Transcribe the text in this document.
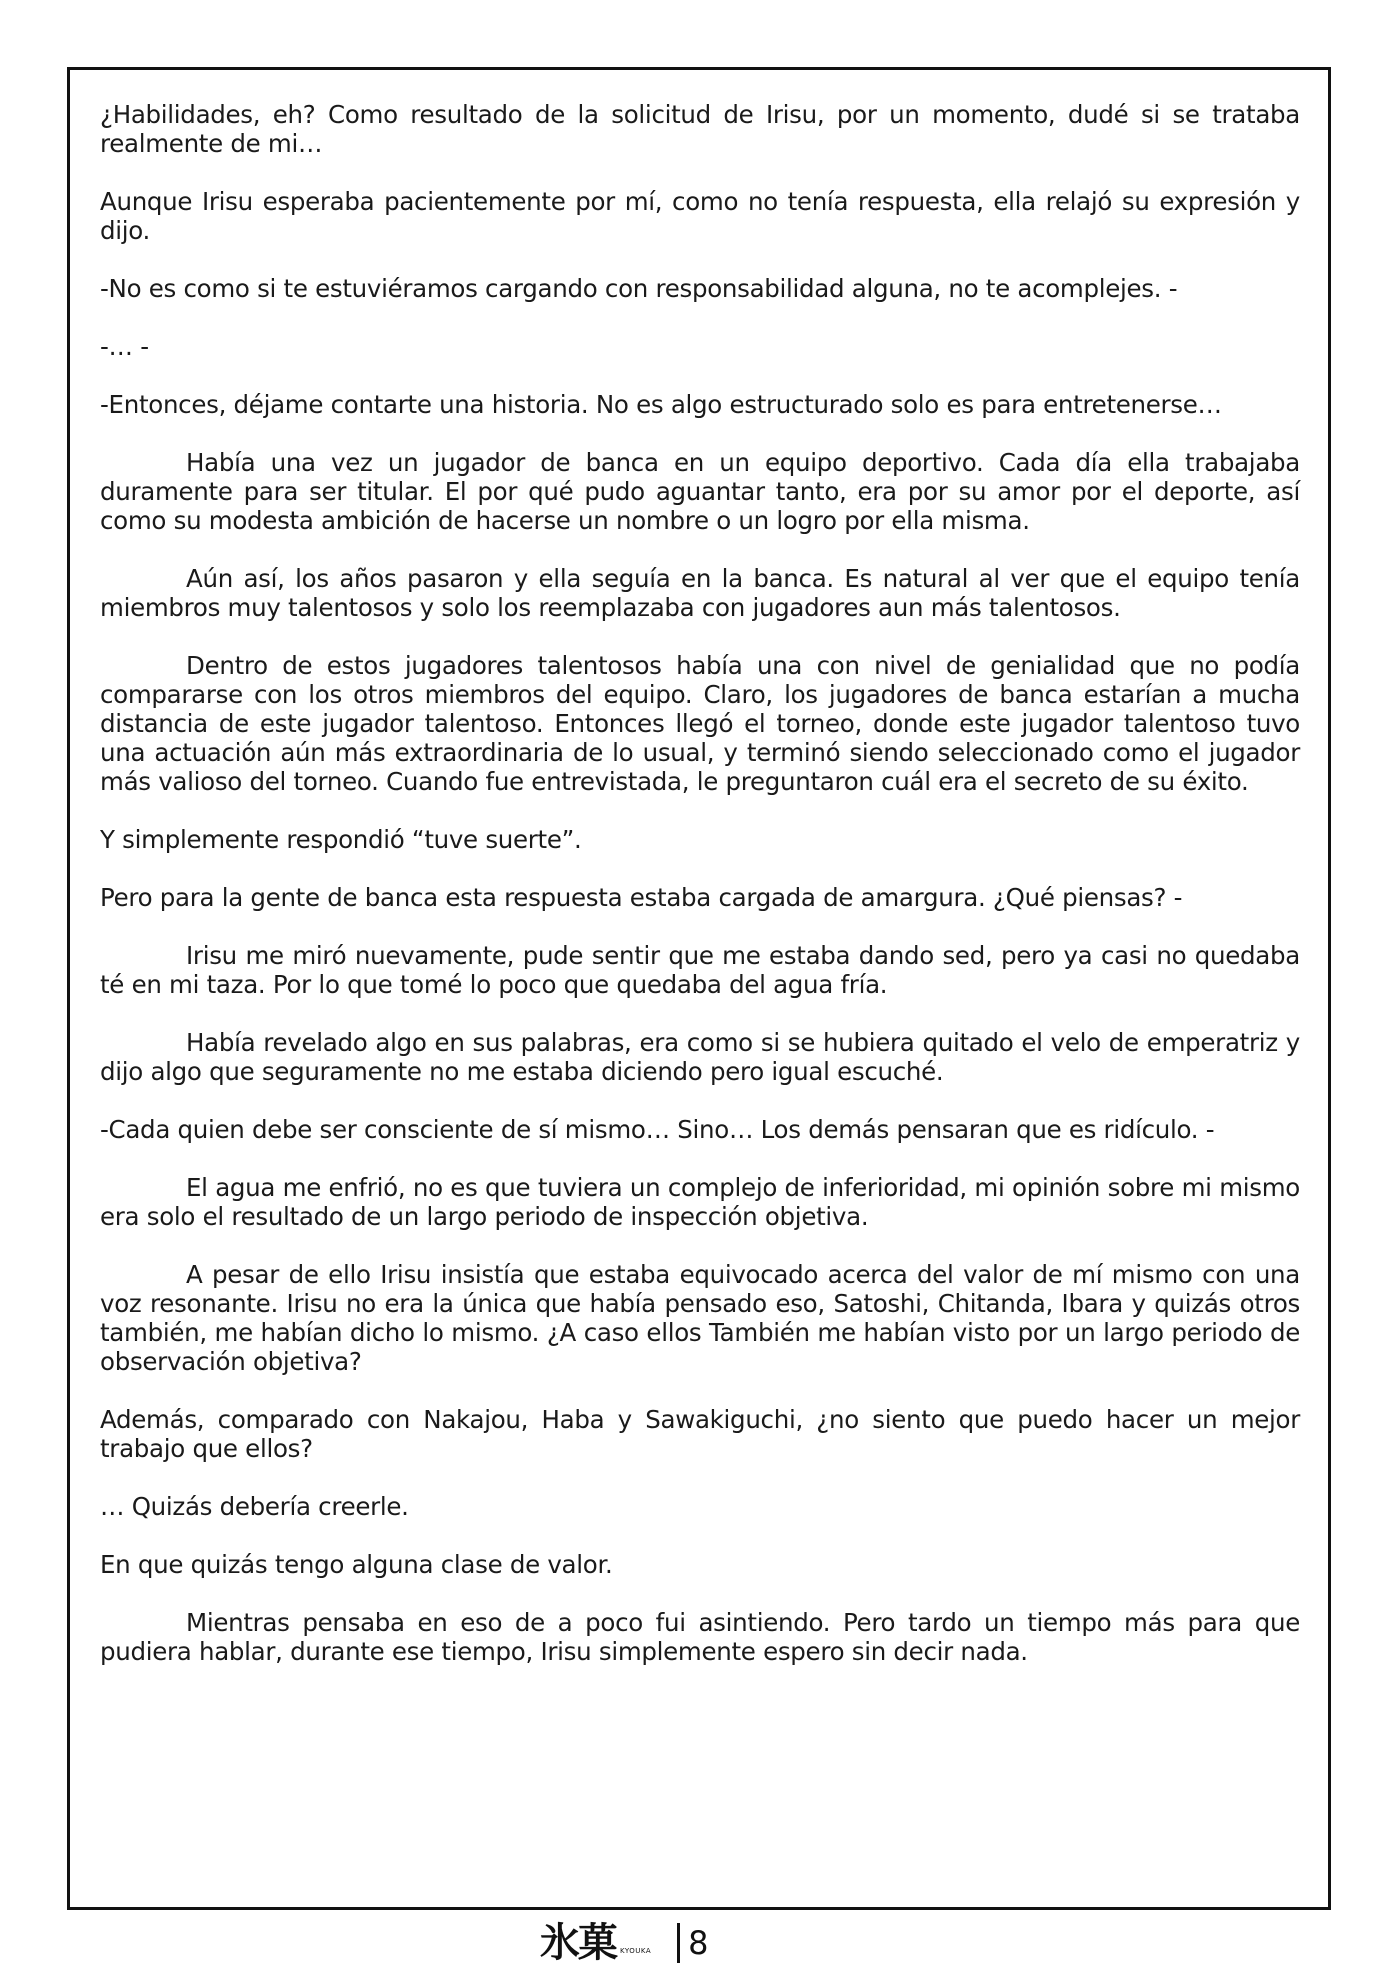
¿Habilidades, eh? Como resultado de la solicitud de Irisu, por un momento, dudé si se trataba realmente de mi…

Aunque Irisu esperaba pacientemente por mí, como no tenía respuesta, ella relajó su expresión y dijo.

-No es como si te estuviéramos cargando con responsabilidad alguna, no te acomplejes. -

-… -

-Entonces, déjame contarte una historia. No es algo estructurado solo es para entretenerse…

Había una vez un jugador de banca en un equipo deportivo. Cada día ella trabajaba duramente para ser titular. El por qué pudo aguantar tanto, era por su amor por el deporte, así como su modesta ambición de hacerse un nombre o un logro por ella misma.

Aún así, los años pasaron y ella seguía en la banca. Es natural al ver que el equipo tenía miembros muy talentosos y solo los reemplazaba con jugadores aun más talentosos.

Dentro de estos jugadores talentosos había una con nivel de genialidad que no podía compararse con los otros miembros del equipo. Claro, los jugadores de banca estarían a mucha distancia de este jugador talentoso. Entonces llegó el torneo, donde este jugador talentoso tuvo una actuación aún más extraordinaria de lo usual, y terminó siendo seleccionado como el jugador más valioso del torneo. Cuando fue entrevistada, le preguntaron cuál era el secreto de su éxito.

Y simplemente respondió “tuve suerte”.

Pero para la gente de banca esta respuesta estaba cargada de amargura. ¿Qué piensas? -

Irisu me miró nuevamente, pude sentir que me estaba dando sed, pero ya casi no quedaba té en mi taza. Por lo que tomé lo poco que quedaba del agua fría.

Había revelado algo en sus palabras, era como si se hubiera quitado el velo de emperatriz y dijo algo que seguramente no me estaba diciendo pero igual escuché.

-Cada quien debe ser consciente de sí mismo… Sino… Los demás pensaran que es ridículo. -

El agua me enfrió, no es que tuviera un complejo de inferioridad, mi opinión sobre mi mismo era solo el resultado de un largo periodo de inspección objetiva.

A pesar de ello Irisu insistía que estaba equivocado acerca del valor de mí mismo con una voz resonante. Irisu no era la única que había pensado eso, Satoshi, Chitanda, Ibara y quizás otros también, me habían dicho lo mismo. ¿A caso ellos También me habían visto por un largo periodo de observación objetiva?

Además, comparado con Nakajou, Haba y Sawakiguchi, ¿no siento que puedo hacer un mejor trabajo que ellos?

… Quizás debería creerle.

En que quizás tengo alguna clase de valor.

Mientras pensaba en eso de a poco fui asintiendo. Pero tardo un tiempo más para que pudiera hablar, durante ese tiempo, Irisu simplemente espero sin decir nada.

氷菓 KYOUKA 8
